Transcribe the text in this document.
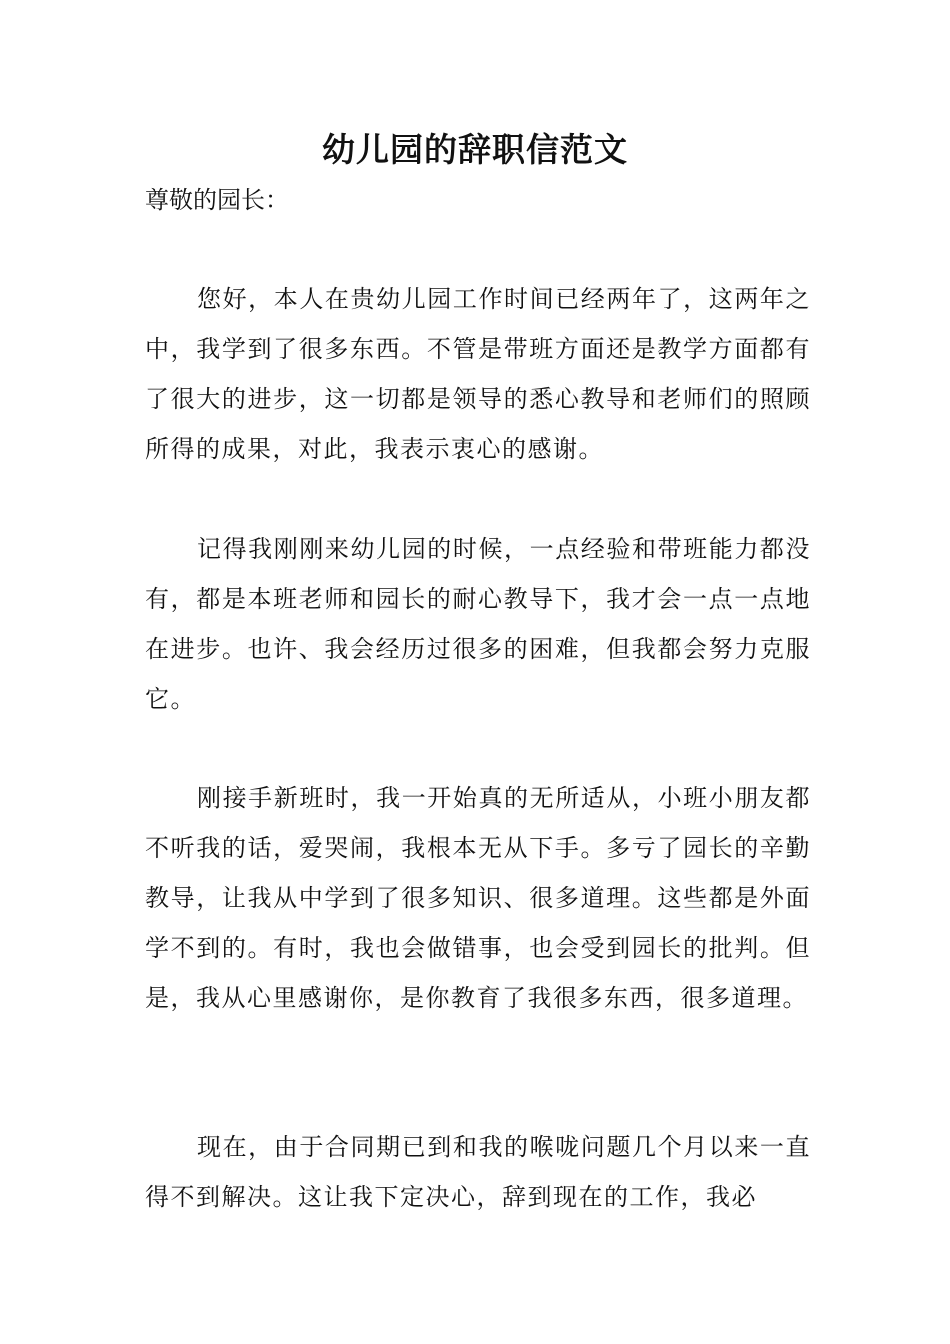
幼儿园的辞职信范文

尊敬的园长：

您好，本人在贵幼儿园工作时间已经两年了，这两年之中，我学到了很多东西。不管是带班方面还是教学方面都有了很大的进步，这一切都是领导的悉心教导和老师们的照顾所得的成果，对此，我表示衷心的感谢。

记得我刚刚来幼儿园的时候，一点经验和带班能力都没有，都是本班老师和园长的耐心教导下，我才会一点一点地在进步。也许、我会经历过很多的困难，但我都会努力克服它。

刚接手新班时，我一开始真的无所适从，小班小朋友都不听我的话，爱哭闹，我根本无从下手。多亏了园长的辛勤教导，让我从中学到了很多知识、很多道理。这些都是外面学不到的。有时，我也会做错事，也会受到园长的批判。但是，我从心里感谢你，是你教育了我很多东西，很多道理。

现在，由于合同期已到和我的喉咙问题几个月以来一直得不到解决。这让我下定决心，辞到现在的工作，我必
